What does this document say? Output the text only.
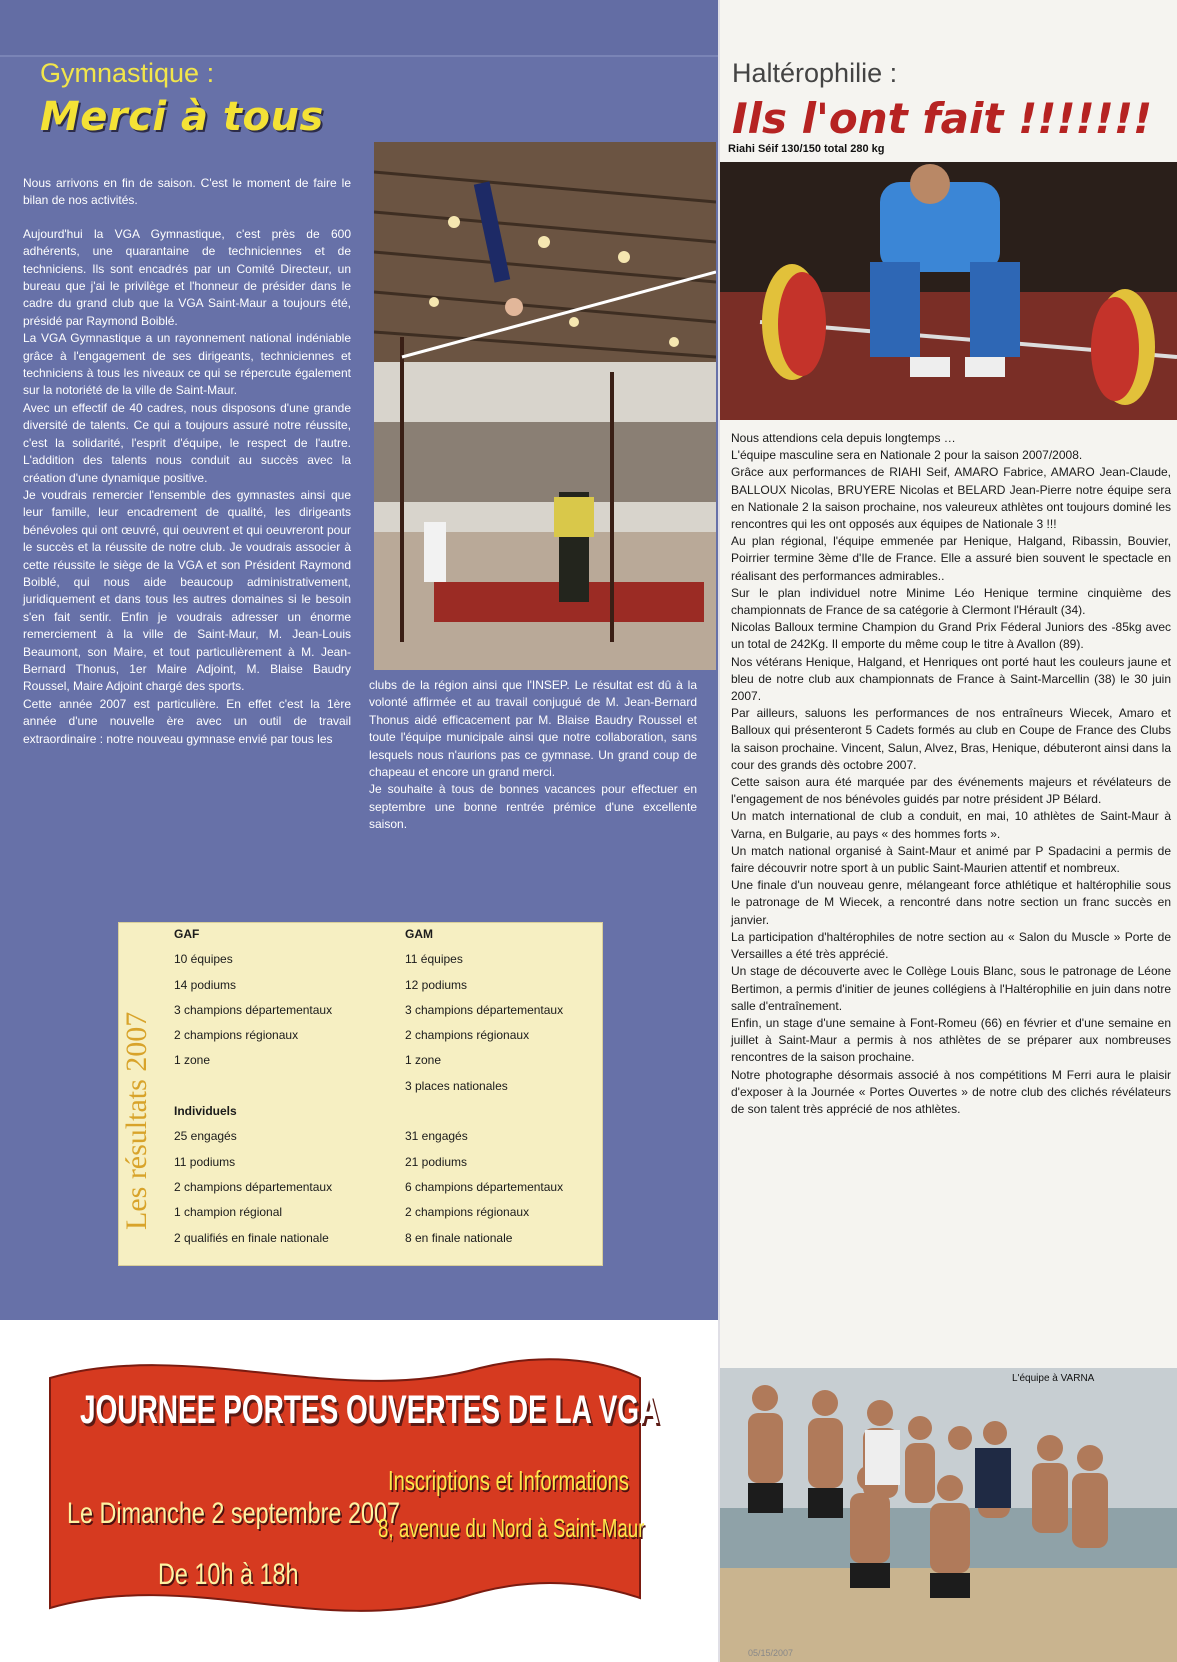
Gymnastique :
Merci à tous

Nous arrivons en fin de saison. C'est le moment de faire le bilan de nos activités.

Aujourd'hui la VGA Gymnastique, c'est près de 600 adhérents, une quarantaine de techniciennes et de techniciens. Ils sont encadrés par un Comité Directeur, un bureau que j'ai le privilège et l'honneur de présider dans le cadre du grand club que la VGA Saint-Maur a toujours été, présidé par Raymond Boiblé.
La VGA Gymnastique a un rayonnement national indéniable grâce à l'engagement de ses dirigeants, techniciennes et techniciens à tous les niveaux ce qui se répercute également sur la notoriété de la ville de Saint-Maur.
Avec un effectif de 40 cadres, nous disposons d'une grande diversité de talents. Ce qui a toujours assuré notre réussite, c'est la solidarité, l'esprit d'équipe, le respect de l'autre. L'addition des talents nous conduit au succès avec la création d'une dynamique positive.
Je voudrais remercier l'ensemble des gymnastes ainsi que leur famille, leur encadrement de qualité, les dirigeants bénévoles qui ont œuvré, qui oeuvrent et qui oeuvreront pour le succès et la réussite de notre club. Je voudrais associer à cette réussite le siège de la VGA et son Président Raymond Boiblé, qui nous aide beaucoup administrativement, juridiquement et dans tous les autres domaines si le besoin s'en fait sentir. Enfin je voudrais adresser un énorme remerciement à la ville de Saint-Maur, M. Jean-Louis Beaumont, son Maire, et tout particulièrement à M. Jean-Bernard Thonus, 1er Maire Adjoint, M. Blaise Baudry Roussel, Maire Adjoint chargé des sports.
Cette année 2007 est particulière. En effet c'est la 1ère année d'une nouvelle ère avec un outil de travail extraordinaire : notre nouveau gymnase envié par tous les

clubs de la région ainsi que l'INSEP. Le résultat est dû à la volonté affirmée et au travail conjugué de M. Jean-Bernard Thonus aidé efficacement par M. Blaise Baudry Roussel et toute l'équipe municipale ainsi que notre collaboration, sans lesquels nous n'aurions pas ce gymnase. Un grand coup de chapeau et encore un grand merci.
Je souhaite à tous de bonnes vacances pour effectuer en septembre une bonne rentrée prémice d'une excellente saison.

Les résultats 2007
GAF
10 équipes
14 podiums
3 champions départementaux
2 champions régionaux
1 zone
Individuels
25 engagés
11 podiums
2 champions départementaux
1 champion régional
2 qualifiés en finale nationale
GAM
11 équipes
12 podiums
3 champions départementaux
2 champions régionaux
1 zone
3 places nationales
31 engagés
21 podiums
6 champions départementaux
2 champions régionaux
8 en finale nationale
JOURNEE PORTES OUVERTES DE LA VGA
Le Dimanche 2 septembre 2007
De 10h à 18h
Inscriptions et Informations
8, avenue du Nord à Saint-Maur
Haltérophilie :
Ils l'ont fait !!!!!!!
Riahi Séif 130/150 total 280 kg

Nous attendions cela depuis longtemps …
L'équipe masculine sera en Nationale 2 pour la saison 2007/2008.
Grâce aux performances de RIAHI Seif, AMARO Fabrice, AMARO Jean-Claude, BALLOUX Nicolas, BRUYERE Nicolas et BELARD Jean-Pierre notre équipe sera en Nationale 2 la saison prochaine, nos valeureux athlètes ont toujours dominé les rencontres qui les ont opposés aux équipes de Nationale 3 !!!
Au plan régional, l'équipe emmenée par Henique, Halgand, Ribassin, Bouvier, Poirrier termine 3ème d'Ile de France. Elle a assuré bien souvent le spectacle en réalisant des performances admirables..
Sur le plan individuel notre Minime Léo Henique termine cinquième des championnats de France de sa catégorie à Clermont l'Hérault (34).
Nicolas Balloux termine Champion du Grand Prix Féderal Juniors des -85kg avec un total de 242Kg. Il emporte du même coup le titre à Avallon (89).
Nos vétérans Henique, Halgand, et Henriques ont porté haut les couleurs jaune et bleu de notre club aux championnats de France à Saint-Marcellin (38) le 30 juin 2007.

Par ailleurs, saluons les performances de nos entraîneurs Wiecek, Amaro et Balloux qui présenteront 5 Cadets formés au club en Coupe de France des Clubs la saison prochaine. Vincent, Salun, Alvez, Bras, Henique, débuteront ainsi dans la cour des grands dès octobre 2007.
Cette saison aura été marquée par des événements majeurs et révélateurs de l'engagement de nos bénévoles guidés par notre président JP Bélard.
Un match international de club a conduit, en mai, 10 athlètes de Saint-Maur à Varna, en Bulgarie, au pays « des hommes forts ».
Un match national organisé à Saint-Maur et animé par P Spadacini a permis de faire découvrir notre sport à un public Saint-Maurien attentif et nombreux.
Une finale d'un nouveau genre, mélangeant force athlétique et haltérophilie sous le patronage de M Wiecek, a rencontré dans notre section un franc succès en janvier.
La participation d'haltérophiles de notre section au « Salon du Muscle » Porte de Versailles a été très apprécié.
Un stage de découverte avec le Collège Louis Blanc, sous le patronage de Léone Bertimon, a permis d'initier de jeunes collégiens à l'Haltérophilie en juin dans notre salle d'entraînement.
Enfin, un stage d'une semaine à Font-Romeu (66) en février et d'une semaine en juillet à Saint-Maur a permis à nos athlètes de se préparer aux nombreuses rencontres de la saison prochaine.
Notre photographe désormais associé à nos compétitions M Ferri aura le plaisir d'exposer à la Journée « Portes Ouvertes » de notre club des clichés révélateurs de son talent très apprécié de nos athlètes.

L'équipe à VARNA
05/15/2007
